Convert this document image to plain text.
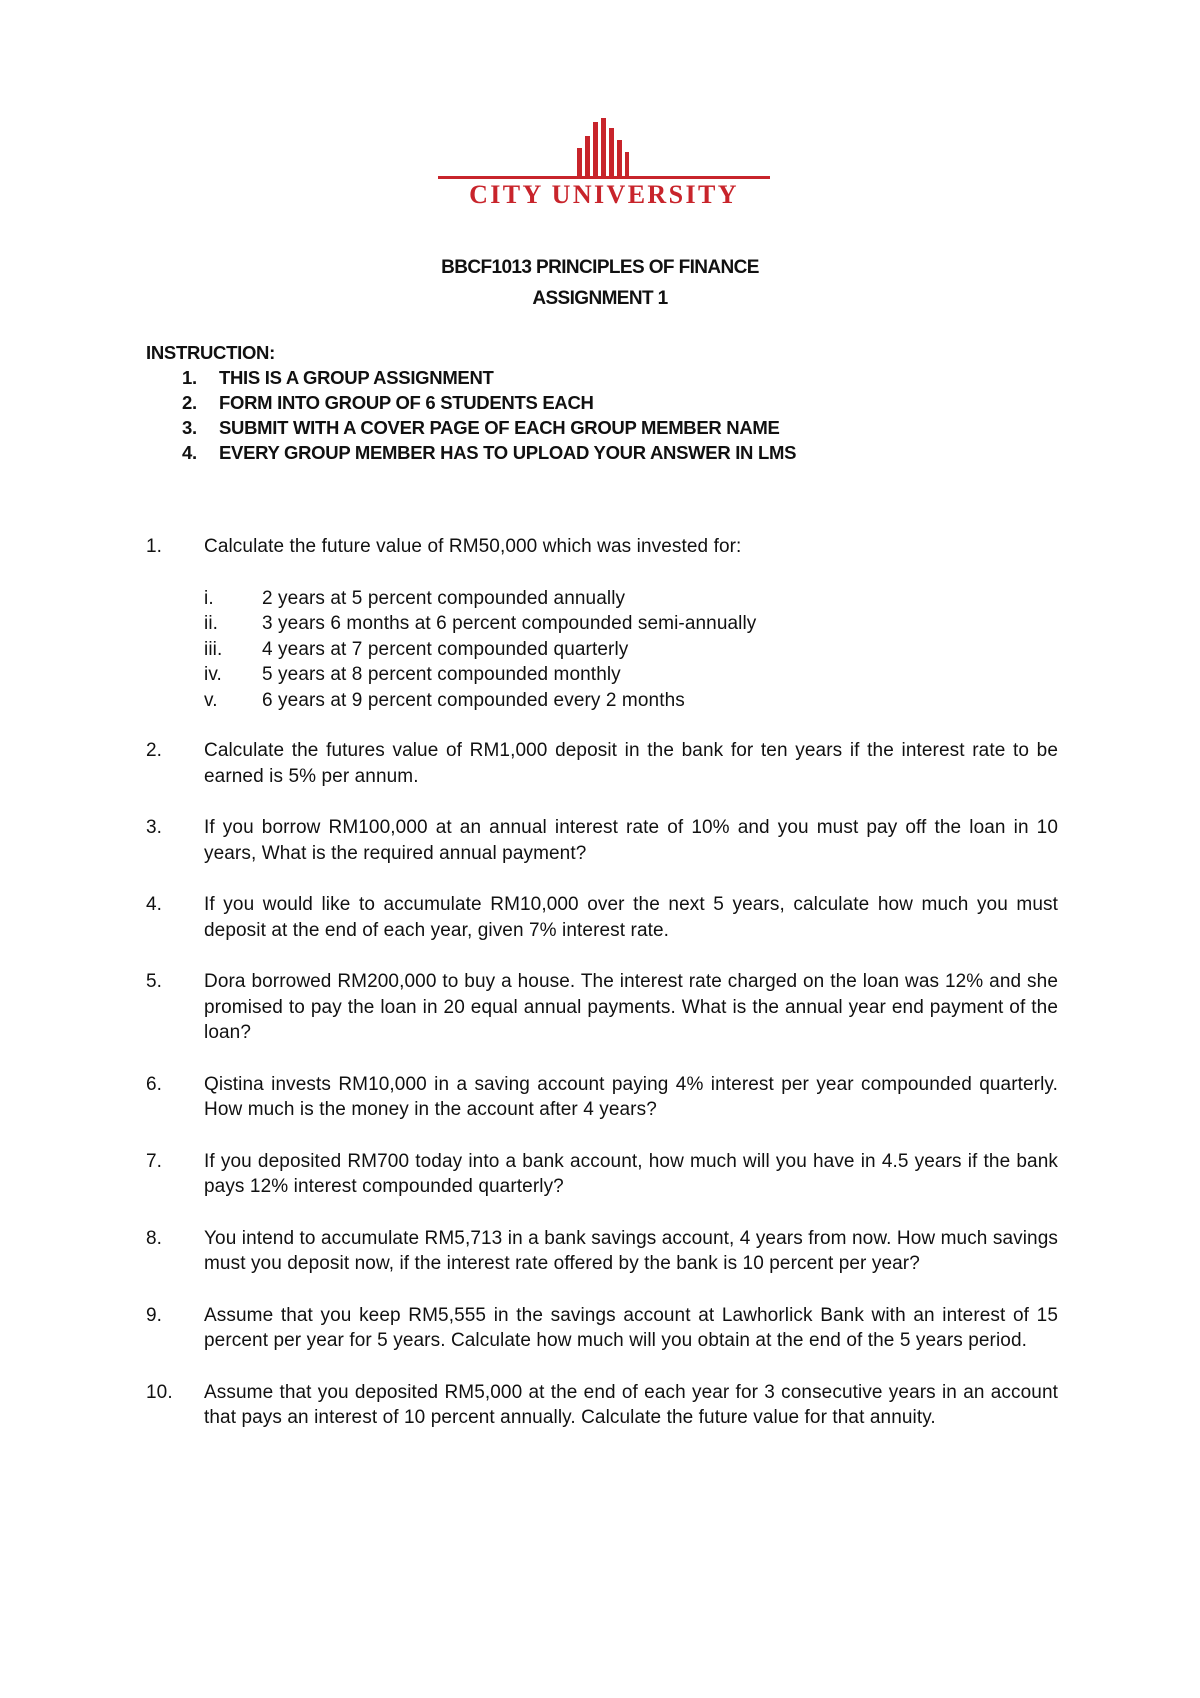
CITY UNIVERSITY
BBCF1013 PRINCIPLES OF FINANCE
ASSIGNMENT 1
INSTRUCTION:
1.	THIS IS A GROUP ASSIGNMENT
2.	FORM INTO GROUP OF 6 STUDENTS EACH
3.	SUBMIT WITH A COVER PAGE OF EACH GROUP MEMBER NAME
4.	EVERY GROUP MEMBER HAS TO UPLOAD YOUR ANSWER IN LMS
1.	Calculate the future value of RM50,000 which was invested for:
i.	2 years at 5 percent compounded annually
ii.	3 years 6 months at 6 percent compounded semi-annually
iii.	4 years at 7 percent compounded quarterly
iv.	5 years at 8 percent compounded monthly
v.	6 years at 9 percent compounded every 2 months
2.	Calculate the futures value of RM1,000 deposit in the bank for ten years if the interest rate to be earned is 5% per annum.
3.	If you borrow RM100,000 at an annual interest rate of 10% and you must pay off the loan in 10 years, What is the required annual payment?
4.	If you would like to accumulate RM10,000 over the next 5 years, calculate how much you must deposit at the end of each year, given 7% interest rate.
5.	Dora borrowed RM200,000 to buy a house. The interest rate charged on the loan was 12% and she promised to pay the loan in 20 equal annual payments. What is the annual year end payment of the loan?
6.	Qistina invests RM10,000 in a saving account paying 4% interest per year compounded quarterly. How much is the money in the account after 4 years?
7.	If you deposited RM700 today into a bank account, how much will you have in 4.5 years if the bank pays 12% interest compounded quarterly?
8.	You intend to accumulate RM5,713 in a bank savings account, 4 years from now. How much savings must you deposit now, if the interest rate offered by the bank is 10 percent per year?
9.	Assume that you keep RM5,555 in the savings account at Lawhorlick Bank with an interest of 15 percent per year for 5 years. Calculate how much will you obtain at the end of the 5 years period.
10.	Assume that you deposited RM5,000 at the end of each year for 3 consecutive years in an account that pays an interest of 10 percent annually. Calculate the future value for that annuity.
